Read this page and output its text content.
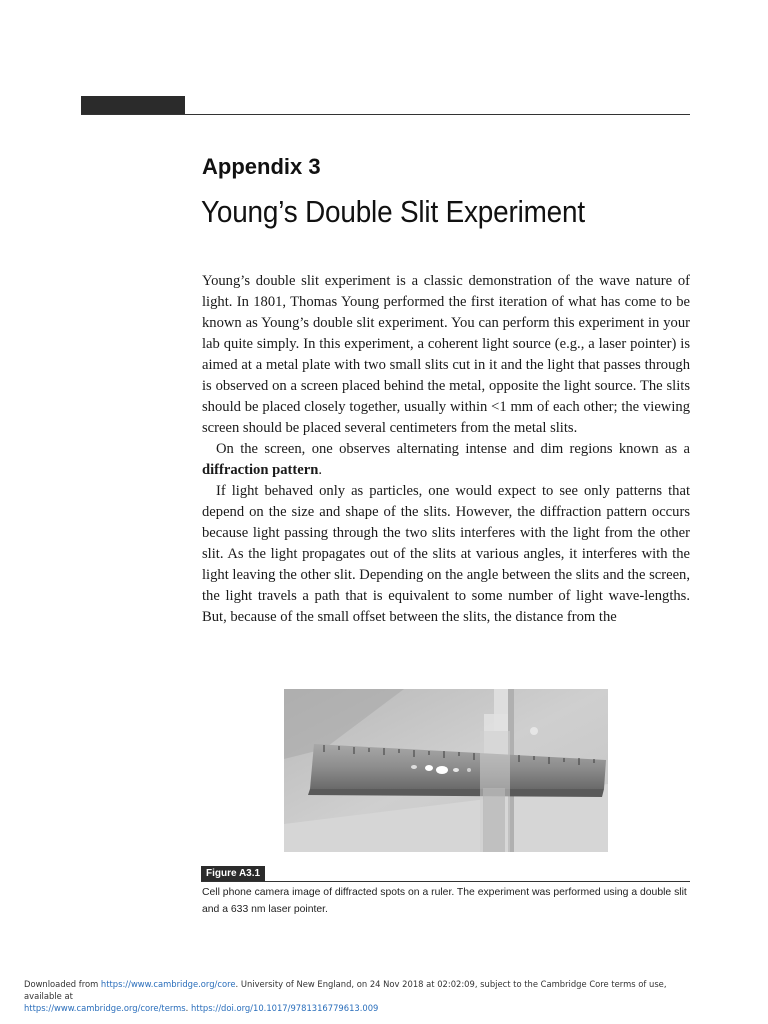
Appendix 3
Young’s Double Slit Experiment

Young’s double slit experiment is a classic demonstration of the wave nature of light. In 1801, Thomas Young performed the first iteration of what has come to be known as Young’s double slit experiment. You can perform this experiment in your lab quite simply. In this experiment, a coherent light source (e.g., a laser pointer) is aimed at a metal plate with two small slits cut in it and the light that passes through is observed on a screen placed behind the metal, opposite the light source. The slits should be placed closely together, usually within <1 mm of each other; the viewing screen should be placed several centimeters from the metal slits.

On the screen, one observes alternating intense and dim regions known as a diffraction pattern.

If light behaved only as particles, one would expect to see only patterns that depend on the size and shape of the slits. However, the diffraction pattern occurs because light passing through the two slits interferes with the light from the other slit. As the light propagates out of the slits at various angles, it interferes with the light leaving the other slit. Depending on the angle between the slits and the screen, the light travels a path that is equivalent to some number of light wave-lengths. But, because of the small offset between the slits, the distance from the

Figure A3.1
Cell phone camera image of diffracted spots on a ruler. The experiment was performed using a double slit and a 633 nm laser pointer.
Downloaded from https://www.cambridge.org/core. University of New England, on 24 Nov 2018 at 02:02:09, subject to the Cambridge Core terms of use, available at
https://www.cambridge.org/core/terms. https://doi.org/10.1017/9781316779613.009
